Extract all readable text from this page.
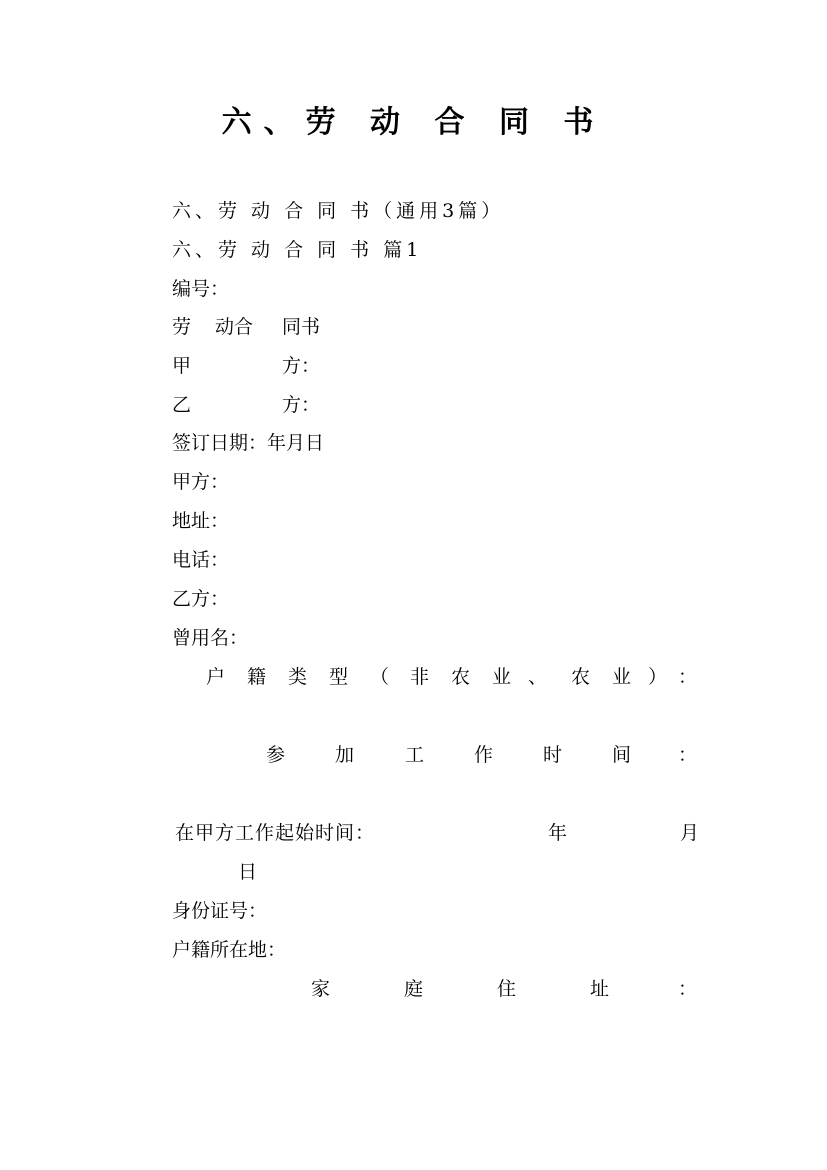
六、劳 动 合 同 书
六、劳 动 合 同 书（通用3篇）
六、劳 动 合 同 书 篇1
编号：
劳 动合 同书
甲	方：
乙	方：
签订日期：年月日
甲方：
地址：
电话：
乙方：
曾用名：
户 籍 类 型 （ 非 农 业 、 农 业 ） ：
参	加	工	作	时	间 ：
在甲方工作起始时间：	年	月
日
身份证号：
户籍所在地：
家	庭	住	址	：
